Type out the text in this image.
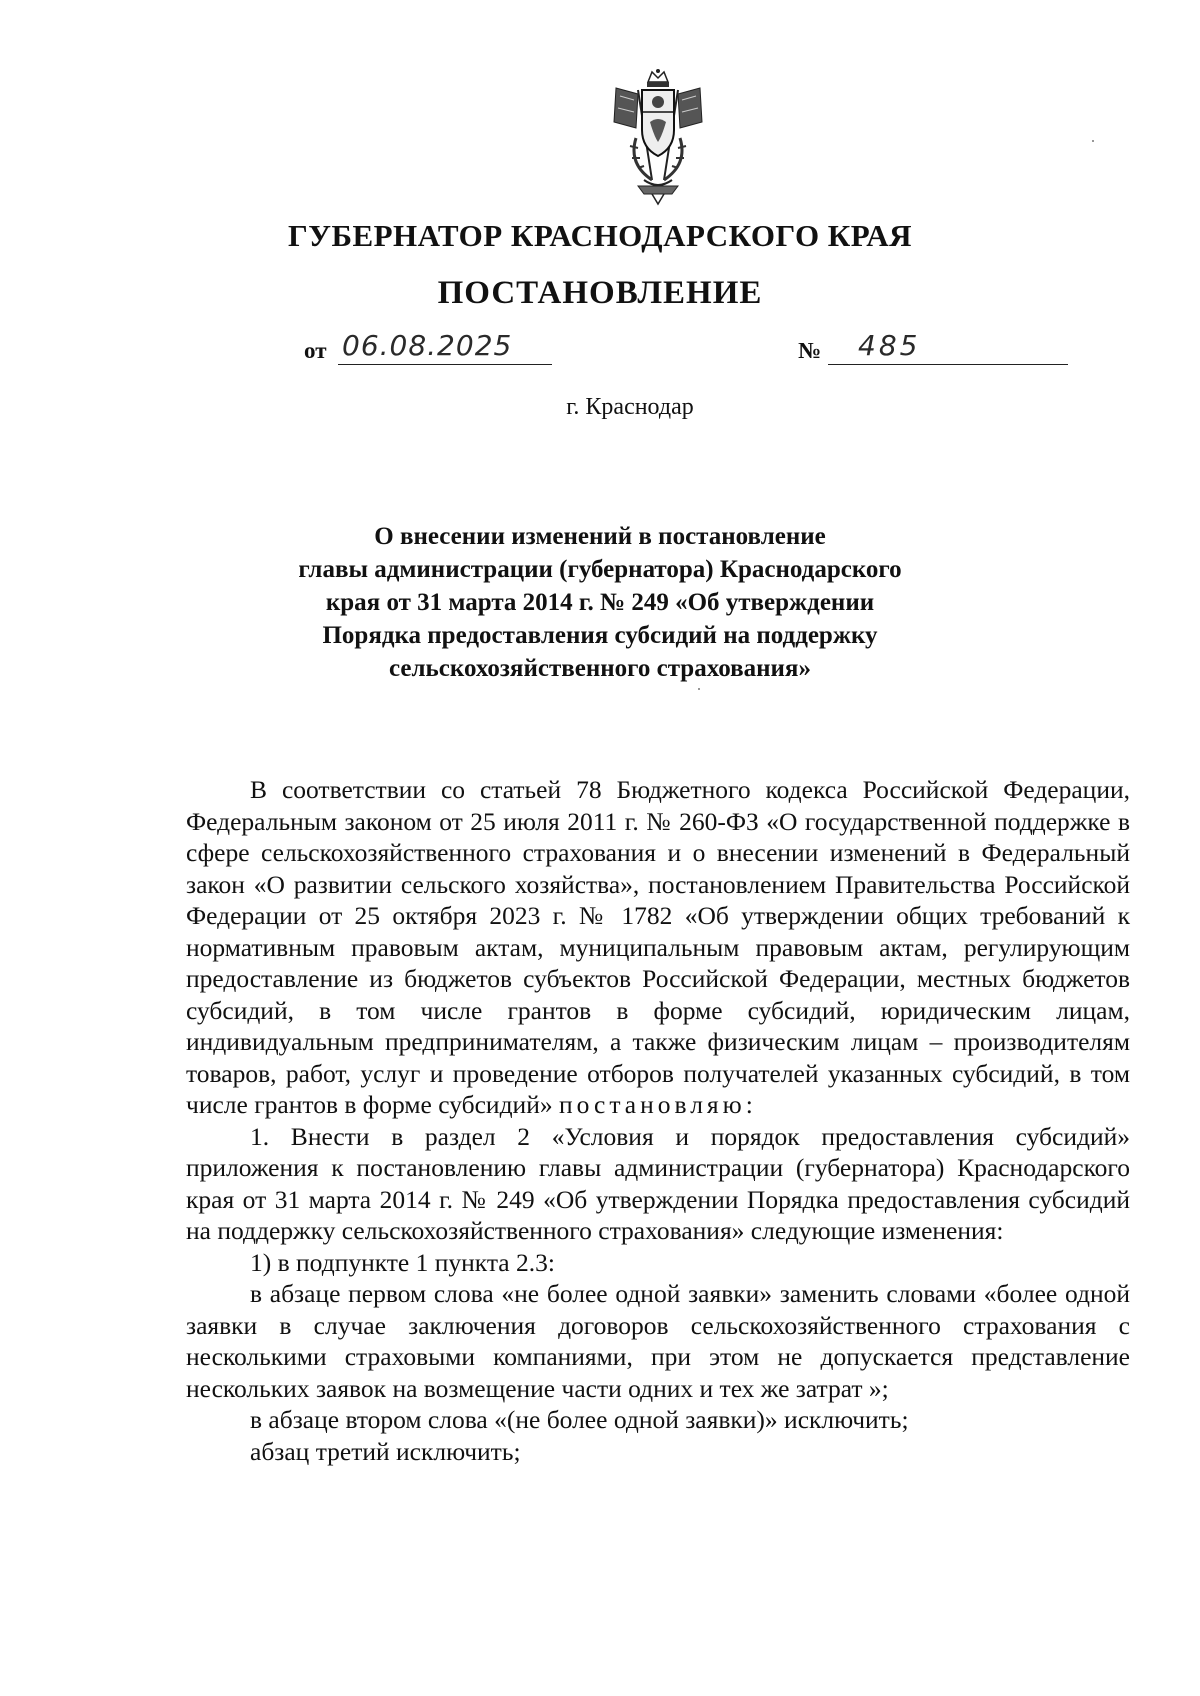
ГУБЕРНАТОР КРАСНОДАРСКОГО КРАЯ
ПОСТАНОВЛЕНИЕ
от 06.08.2025	№	485
г. Краснодар
О внесении изменений в постановление
главы администрации (губернатора) Краснодарского
края от 31 марта 2014 г. № 249 «Об утверждении
Порядка предоставления субсидий на поддержку
сельскохозяйственного страхования»

В соответствии со статьей 78 Бюджетного кодекса Российской Федерации, Федеральным законом от 25 июля 2011 г. № 260-ФЗ «О государственной поддержке в сфере сельскохозяйственного страхования и о внесении изменений в Федеральный закон «О развитии сельского хозяйства», постановлением Правительства Российской Федерации от 25 октября 2023 г. № 1782 «Об утверждении общих требований к нормативным правовым актам, муниципальным правовым актам, регулирующим предоставление из бюджетов субъектов Российской Федерации, местных бюджетов субсидий, в том числе грантов в форме субсидий, юридическим лицам, индивидуальным предпринимателям, а также физическим лицам – производителям товаров, работ, услуг и проведение отборов получателей указанных субсидий, в том числе грантов в форме субсидий» постановляю:

1. Внести в раздел 2 «Условия и порядок предоставления субсидий» приложения к постановлению главы администрации (губернатора) Краснодарского края от 31 марта 2014 г. № 249 «Об утверждении Порядка предоставления субсидий на поддержку сельскохозяйственного страхования» следующие изменения:

1) в подпункте 1 пункта 2.3:

в абзаце первом слова «не более одной заявки» заменить словами «более одной заявки в случае заключения договоров сельскохозяйственного страхования с несколькими страховыми компаниями, при этом не допускается представление нескольких заявок на возмещение части одних и тех же затрат »;

в абзаце втором слова «(не более одной заявки)» исключить;

абзац третий исключить;
